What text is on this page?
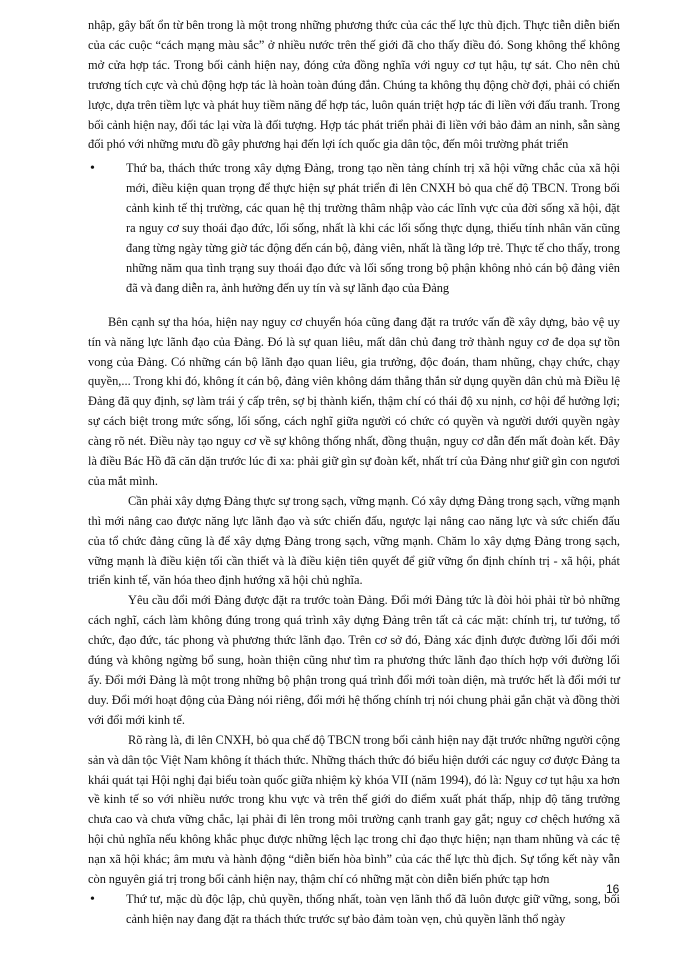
nhập, gây bất ổn từ bên trong là một trong những phương thức của các thế lực thù địch. Thực tiễn diễn biến của các cuộc “cách mạng màu sắc” ở nhiều nước trên thế giới đã cho thấy điều đó. Song không thể không mở cửa hợp tác. Trong bối cảnh hiện nay, đóng cửa đồng nghĩa với nguy cơ tụt hậu, tự sát. Cho nên chủ trương tích cực và chủ động hợp tác là hoàn toàn đúng đắn. Chúng ta không thụ động chờ đợi, phải có chiến lược, dựa trên tiềm lực và phát huy tiềm năng để hợp tác, luôn quán triệt hợp tác đi liền với đấu tranh. Trong bối cảnh hiện nay, đối tác lại vừa là đối tượng. Hợp tác phát triển phải đi liền với bảo đảm an ninh, sẵn sàng đối phó với những mưu đồ gây phương hại đến lợi ích quốc gia dân tộc, đến môi trường phát triển

•	Thứ ba, thách thức trong xây dựng Đảng, trong tạo nền tảng chính trị xã hội vững chắc của xã hội mới, điều kiện quan trọng để thực hiện sự phát triển đi lên CNXH bỏ qua chế độ TBCN. Trong bối cảnh kinh tế thị trường, các quan hệ thị trường thâm nhập vào các lĩnh vực của đời sống xã hội, đặt ra nguy cơ suy thoái đạo đức, lối sống, nhất là khi các lối sống thực dụng, thiếu tính nhân văn cũng đang từng ngày từng giờ tác động đến cán bộ, đảng viên, nhất là tầng lớp trẻ. Thực tế cho thấy, trong những năm qua tình trạng suy thoái đạo đức và lối sống trong bộ phận không nhỏ cán bộ đảng viên đã và đang diễn ra, ảnh hưởng đến uy tín và sự lãnh đạo của Đảng

Bên cạnh sự tha hóa, hiện nay nguy cơ chuyển hóa cũng đang đặt ra trước vấn đề xây dựng, bảo vệ uy tín và năng lực lãnh đạo của Đảng. Đó là sự quan liêu, mất dân chủ đang trở thành nguy cơ đe dọa sự tồn vong của Đảng. Có những cán bộ lãnh đạo quan liêu, gia trưởng, độc đoán, tham nhũng, chạy chức, chạy quyền,... Trong khi đó, không ít cán bộ, đảng viên không dám thẳng thắn sử dụng quyền dân chủ mà Điều lệ Đảng đã quy định, sợ làm trái ý cấp trên, sợ bị thành kiến, thậm chí có thái độ xu nịnh, cơ hội để hưởng lợi; sự cách biệt trong mức sống, lối sống, cách nghĩ giữa người có chức có quyền và người dưới quyền ngày càng rõ nét. Điều này tạo nguy cơ về sự không thống nhất, đồng thuận, nguy cơ dẫn đến mất đoàn kết. Đây là điều Bác Hồ đã căn dặn trước lúc đi xa: phải giữ gìn sự đoàn kết, nhất trí của Đảng như giữ gìn con ngươi của mắt mình.

Cần phải xây dựng Đảng thực sự trong sạch, vững mạnh. Có xây dựng Đảng trong sạch, vững mạnh thì mới nâng cao được năng lực lãnh đạo và sức chiến đấu, ngược lại nâng cao năng lực và sức chiến đấu của tổ chức đảng cũng là để xây dựng Đảng trong sạch, vững mạnh. Chăm lo xây dựng Đảng trong sạch, vững mạnh là điều kiện tối cần thiết và là điều kiện tiên quyết để giữ vững ổn định chính trị - xã hội, phát triển kinh tế, văn hóa theo định hướng xã hội chủ nghĩa.

Yêu cầu đổi mới Đảng được đặt ra trước toàn Đảng. Đổi mới Đảng tức là đòi hỏi phải từ bỏ những cách nghĩ, cách làm không đúng trong quá trình xây dựng Đảng trên tất cả các mặt: chính trị, tư tưởng, tổ chức, đạo đức, tác phong và phương thức lãnh đạo. Trên cơ sở đó, Đảng xác định được đường lối đổi mới đúng và không ngừng bổ sung, hoàn thiện cũng như tìm ra phương thức lãnh đạo thích hợp với đường lối ấy. Đổi mới Đảng là một trong những bộ phận trong quá trình đổi mới toàn diện, mà trước hết là đổi mới tư duy. Đổi mới hoạt động của Đảng nói riêng, đổi mới hệ thống chính trị nói chung phải gắn chặt và đồng thời với đổi mới kinh tế.

Rõ ràng là, đi lên CNXH, bỏ qua chế độ TBCN trong bối cảnh hiện nay đặt trước những người cộng sản và dân tộc Việt Nam không ít thách thức. Những thách thức đó biểu hiện dưới các nguy cơ được Đảng ta khái quát tại Hội nghị đại biểu toàn quốc giữa nhiệm kỳ khóa VII (năm 1994), đó là: Nguy cơ tụt hậu xa hơn về kinh tế so với nhiều nước trong khu vực và trên thế giới do điểm xuất phát thấp, nhịp độ tăng trưởng chưa cao và chưa vững chắc, lại phải đi lên trong môi trường cạnh tranh gay gắt; nguy cơ chệch hướng xã hội chủ nghĩa nếu không khắc phục được những lệch lạc trong chỉ đạo thực hiện; nạn tham nhũng và các tệ nạn xã hội khác; âm mưu và hành động “diễn biến hòa bình” của các thế lực thù địch. Sự tổng kết này vẫn còn nguyên giá trị trong bối cảnh hiện nay, thậm chí có những mặt còn diễn biến phức tạp hơn

•	Thứ tư, mặc dù độc lập, chủ quyền, thống nhất, toàn vẹn lãnh thổ đã luôn được giữ vững, song, bối cảnh hiện nay đang đặt ra thách thức trước sự bảo đảm toàn vẹn, chủ quyền lãnh thổ ngày

16
